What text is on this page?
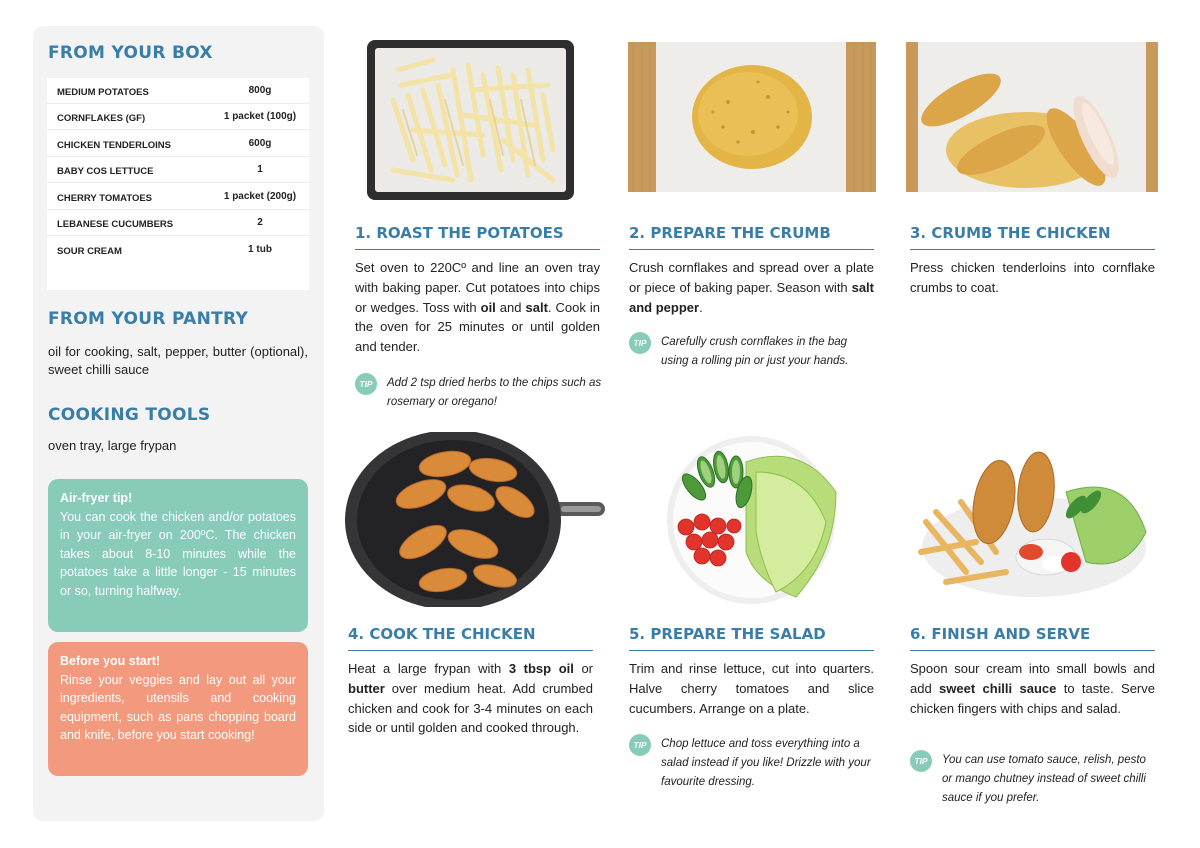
FROM YOUR BOX
MEDIUM POTATOES	800g
CORNFLAKES (GF)	1 packet (100g)
CHICKEN TENDERLOINS	600g
BABY COS LETTUCE	1
CHERRY TOMATOES	1 packet (200g)
LEBANESE CUCUMBERS	2
SOUR CREAM	1 tub
FROM YOUR PANTRY
oil for cooking, salt, pepper, butter (optional), sweet chilli sauce
COOKING TOOLS
oven tray, large frypan
Air-fryer tip!
You can cook the chicken and/or potatoes in your air-fryer on 200ºC. The chicken takes about 8-10 minutes while the potatoes take a little longer - 15 minutes or so, turning halfway.
Before you start!
Rinse your veggies and lay out all your ingredients, utensils and cooking equipment, such as pans chopping board and knife, before you start cooking!
1. ROAST THE POTATOES
Set oven to 220Cº and line an oven tray with baking paper. Cut potatoes into chips or wedges. Toss with oil and salt. Cook in the oven for 25 minutes or until golden and tender.
TIP	Add 2 tsp dried herbs to the chips such as rosemary or oregano!
2. PREPARE THE CRUMB
Crush cornflakes and spread over a plate or piece of baking paper. Season with salt and pepper.
TIP	Carefully crush cornflakes in the bag using a rolling pin or just your hands.
3. CRUMB THE CHICKEN
Press chicken tenderloins into cornflake crumbs to coat.
4. COOK THE CHICKEN
Heat a large frypan with 3 tbsp oil or butter over medium heat. Add crumbed chicken and cook for 3-4 minutes on each side or until golden and cooked through.
5. PREPARE THE SALAD
Trim and rinse lettuce, cut into quarters. Halve cherry tomatoes and slice cucumbers. Arrange on a plate.
TIP	Chop lettuce and toss everything into a salad instead if you like! Drizzle with your favourite dressing.
6. FINISH AND SERVE
Spoon sour cream into small bowls and add sweet chilli sauce to taste. Serve chicken fingers with chips and salad.
TIP	You can use tomato sauce, relish, pesto or mango chutney instead of sweet chilli sauce if you prefer.
